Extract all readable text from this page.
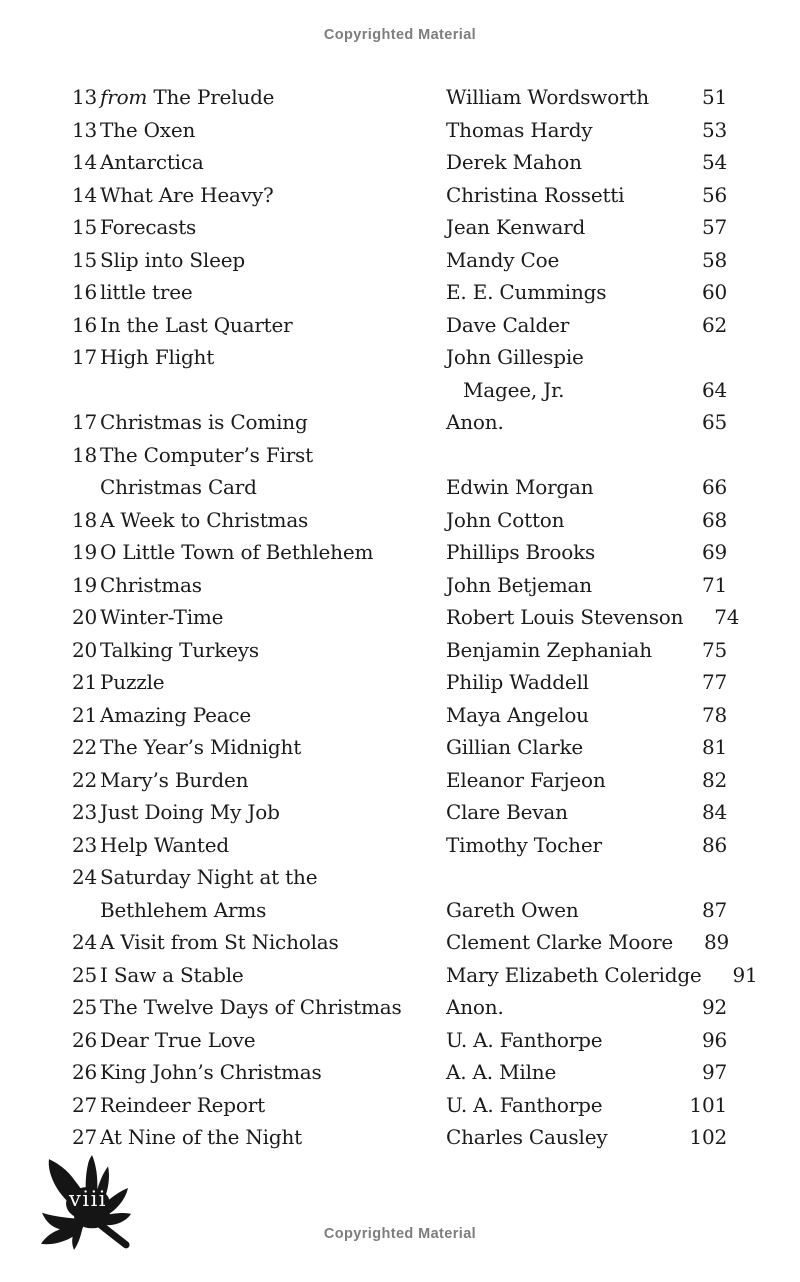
Copyrighted Material
13 from The Prelude	William Wordsworth	51
13 The Oxen	Thomas Hardy	53
14 Antarctica	Derek Mahon	54
14 What Are Heavy?	Christina Rossetti	56
15 Forecasts	Jean Kenward	57
15 Slip into Sleep	Mandy Coe	58
16 little tree	E. E. Cummings	60
16 In the Last Quarter	Dave Calder	62
17 High Flight	John Gillespie
Magee, Jr.	64
17 Christmas is Coming	Anon.	65
18 The Computer’s First
Christmas Card	Edwin Morgan	66
18 A Week to Christmas	John Cotton	68
19 O Little Town of Bethlehem	Phillips Brooks	69
19 Christmas	John Betjeman	71
20 Winter-Time	Robert Louis Stevenson	74
20 Talking Turkeys	Benjamin Zephaniah	75
21 Puzzle	Philip Waddell	77
21 Amazing Peace	Maya Angelou	78
22 The Year’s Midnight	Gillian Clarke	81
22 Mary’s Burden	Eleanor Farjeon	82
23 Just Doing My Job	Clare Bevan	84
23 Help Wanted	Timothy Tocher	86
24 Saturday Night at the
Bethlehem Arms	Gareth Owen	87
24 A Visit from St Nicholas	Clement Clarke Moore	89
25 I Saw a Stable	Mary Elizabeth Coleridge	91
25 The Twelve Days of Christmas	Anon.	92
26 Dear True Love	U. A. Fanthorpe	96
26 King John’s Christmas	A. A. Milne	97
27 Reindeer Report	U. A. Fanthorpe	101
27 At Nine of the Night	Charles Causley	102
viii
Copyrighted Material
